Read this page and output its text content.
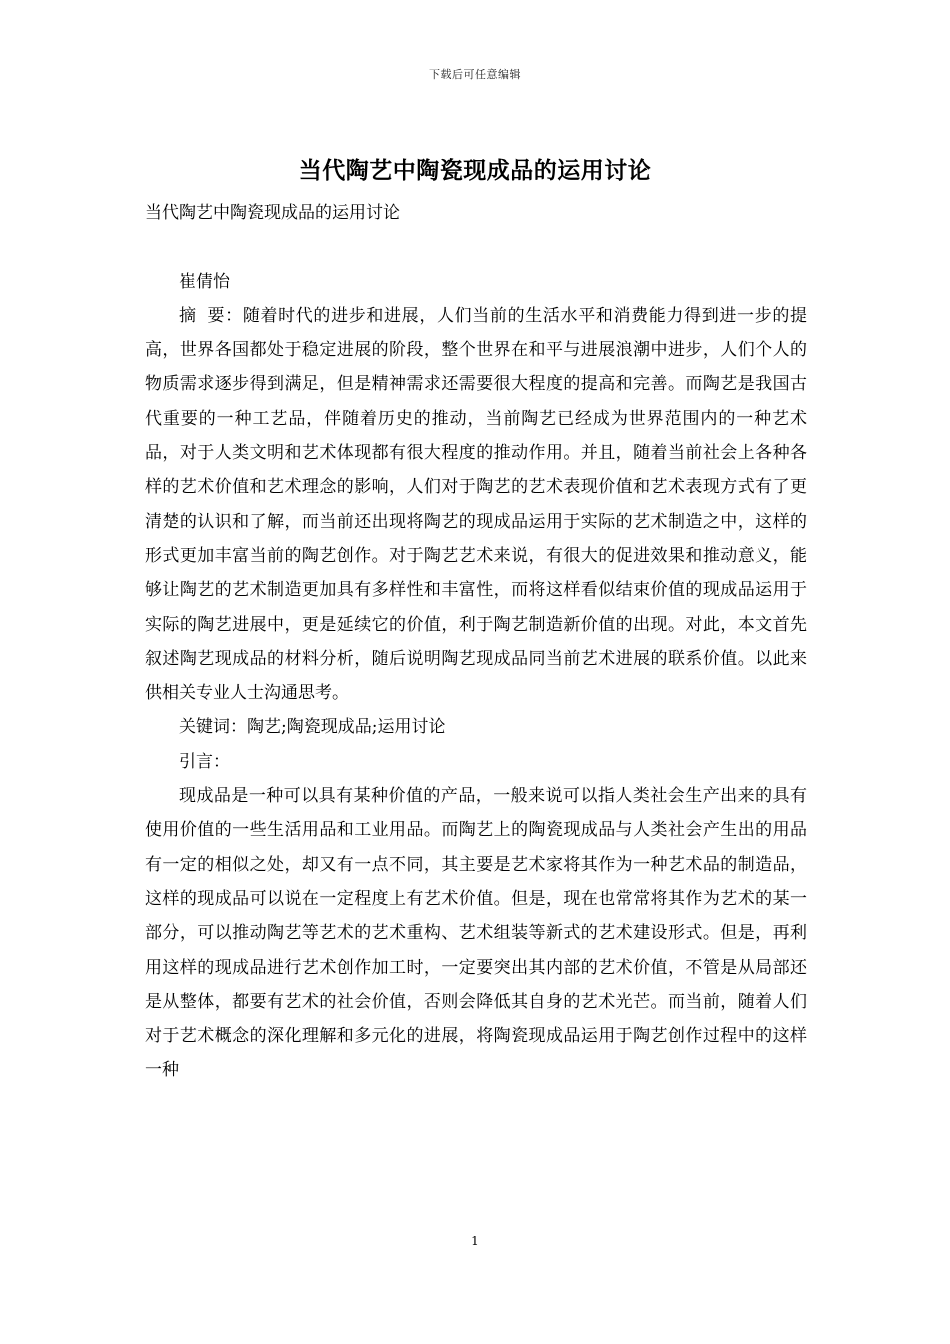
下载后可任意编辑
当代陶艺中陶瓷现成品的运用讨论

当代陶艺中陶瓷现成品的运用讨论

崔倩怡

摘 要：随着时代的进步和进展，人们当前的生活水平和消费能力得到进一步的提高，世界各国都处于稳定进展的阶段，整个世界在和平与进展浪潮中进步，人们个人的物质需求逐步得到满足，但是精神需求还需要很大程度的提高和完善。而陶艺是我国古代重要的一种工艺品，伴随着历史的推动，当前陶艺已经成为世界范围内的一种艺术品，对于人类文明和艺术体现都有很大程度的推动作用。并且，随着当前社会上各种各样的艺术价值和艺术理念的影响，人们对于陶艺的艺术表现价值和艺术表现方式有了更清楚的认识和了解，而当前还出现将陶艺的现成品运用于实际的艺术制造之中，这样的形式更加丰富当前的陶艺创作。对于陶艺艺术来说，有很大的促进效果和推动意义，能够让陶艺的艺术制造更加具有多样性和丰富性，而将这样看似结束价值的现成品运用于实际的陶艺进展中，更是延续它的价值，利于陶艺制造新价值的出现。对此，本文首先叙述陶艺现成品的材料分析，随后说明陶艺现成品同当前艺术进展的联系价值。以此来供相关专业人士沟通思考。

关键词：陶艺;陶瓷现成品;运用讨论

引言：

现成品是一种可以具有某种价值的产品，一般来说可以指人类社会生产出来的具有使用价值的一些生活用品和工业用品。而陶艺上的陶瓷现成品与人类社会产生出的用品有一定的相似之处，却又有一点不同，其主要是艺术家将其作为一种艺术品的制造品，这样的现成品可以说在一定程度上有艺术价值。但是，现在也常常将其作为艺术的某一部分，可以推动陶艺等艺术的艺术重构、艺术组装等新式的艺术建设形式。但是，再利用这样的现成品进行艺术创作加工时，一定要突出其内部的艺术价值，不管是从局部还是从整体，都要有艺术的社会价值，否则会降低其自身的艺术光芒。而当前，随着人们对于艺术概念的深化理解和多元化的进展，将陶瓷现成品运用于陶艺创作过程中的这样一种

1
